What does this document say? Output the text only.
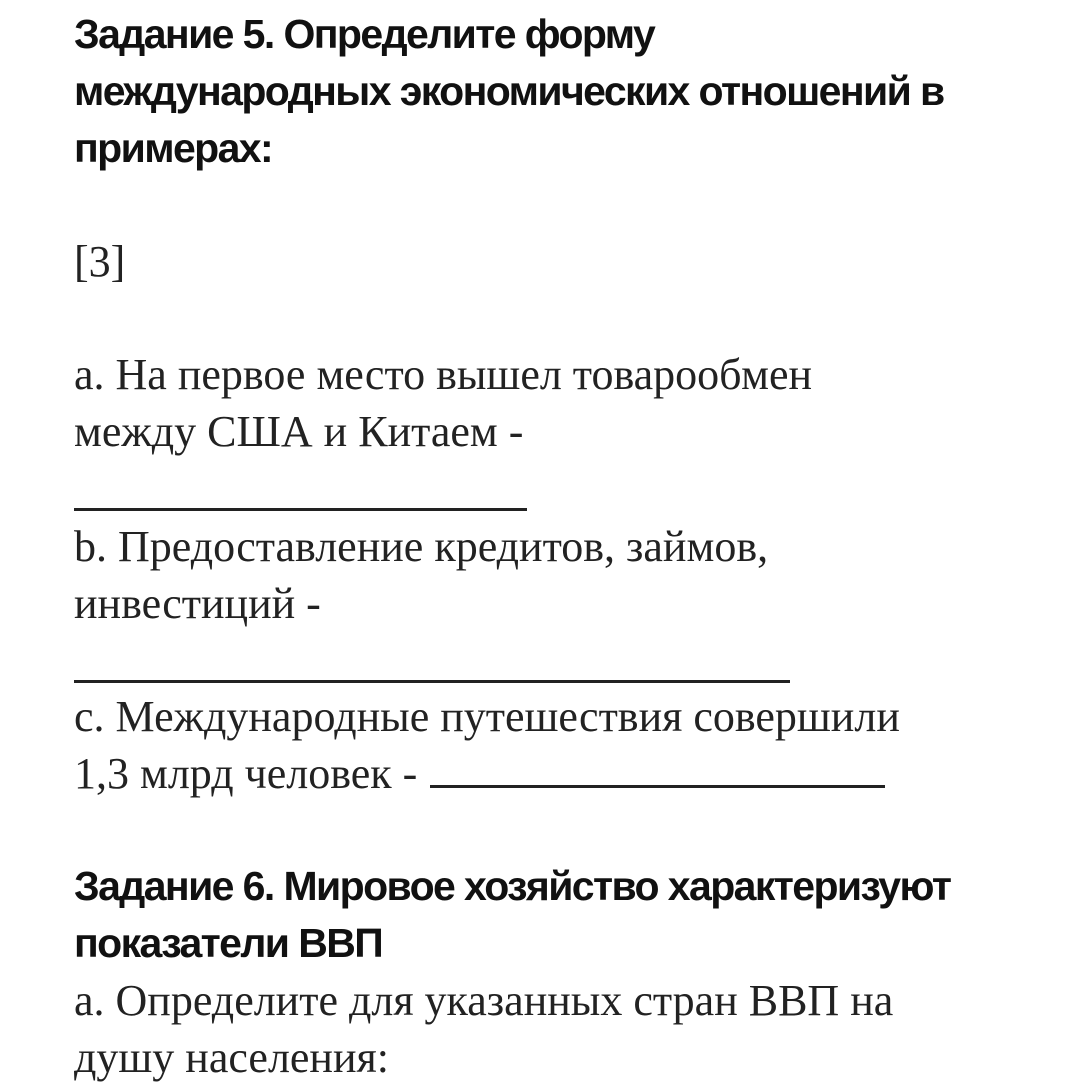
Задание 5. Определите форму
международных экономических отношений в
примерах:
[3]
a. На первое место вышел товарообмен
между США и Китаем -
b. Предоставление кредитов, займов,
инвестиций -
c. Международные путешествия совершили
1,3 млрд человек -
Задание 6. Мировое хозяйство характеризуют
показатели ВВП
a. Определите для указанных стран ВВП на
душу населения:
